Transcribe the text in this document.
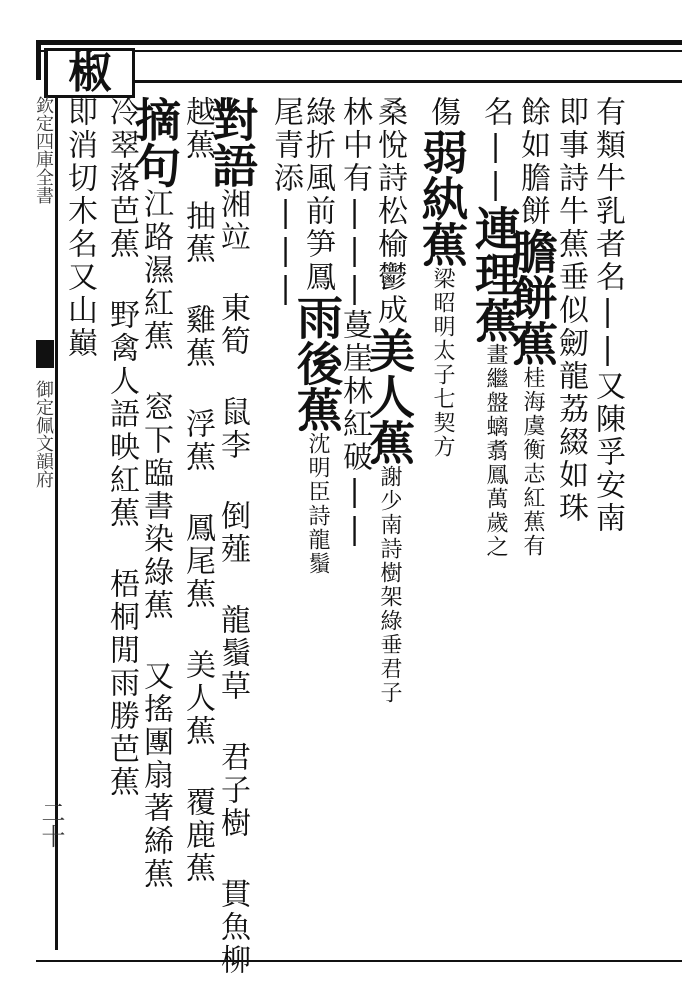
椒
欽定四庫全書
御定佩文韻府
二十
有類牛乳者名||又陳孚安南
即事詩牛蕉垂似劒龍荔綴如珠
餘如膽餅膽餅蕉桂海虞衡志紅蕉有
名||連理蕉畫繼盤螭翥鳳萬歲之
傷弱紈蕉梁昭明太子七契方
桑悅詩松榆鬱成美人蕉謝少南詩樹架綠垂君子
林中有|||蔓崖林紅破||
綠折風前笋鳳雨後蕉沈明臣詩龍鬚
尾青添|||
對語湘竝 東筍 鼠李 倒薤 龍鬚草 君子樹 貫魚柳
越蕉 抽蕉 雞蕉 浮蕉 鳳尾蕉 美人蕉 覆鹿蕉
摘句江路濕紅蕉 窓下臨書染綠蕉 又搖團扇著絺蕉
冷翠落芭蕉 野禽人語映紅蕉 梧桐閒雨勝芭蕉
即消切木名又山巔
